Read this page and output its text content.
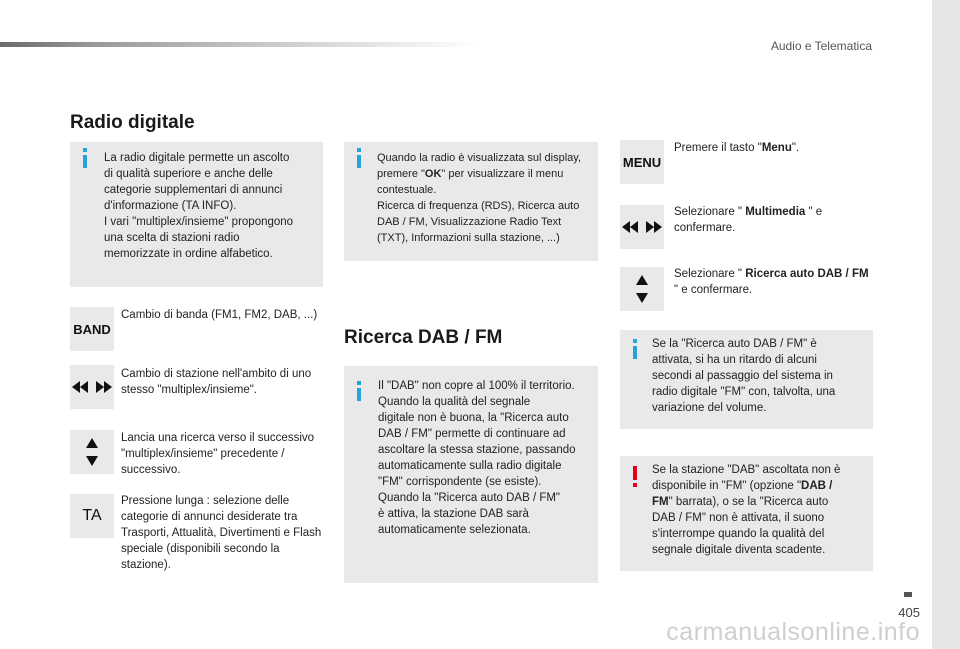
Audio e Telematica
Radio digitale
La radio digitale permette un ascolto
di qualità superiore e anche delle
categorie supplementari di annunci
d'informazione (TA INFO).
I vari "multiplex/insieme" propongono
una scelta di stazioni radio
memorizzate in ordine alfabetico.
BAND
Cambio di banda (FM1, FM2, DAB, ...)
Cambio di stazione nell'ambito di uno stesso "multiplex/insieme".
Lancia una ricerca verso il successivo "multiplex/insieme" precedente / successivo.
TA
Pressione lunga : selezione delle categorie di annunci desiderate tra Trasporti, Attualità, Divertimenti e Flash speciale (disponibili secondo la stazione).
Quando la radio è visualizzata sul display,
premere "OK" per visualizzare il menu
contestuale.
Ricerca di frequenza (RDS), Ricerca auto
DAB / FM, Visualizzazione Radio Text
(TXT), Informazioni sulla stazione, ...)
Ricerca DAB / FM
Il "DAB" non copre al 100% il territorio.
Quando la qualità del segnale
digitale non è buona, la "Ricerca auto
DAB / FM" permette di continuare ad
ascoltare la stessa stazione, passando
automaticamente sulla radio digitale
"FM" corrispondente (se esiste).
Quando la "Ricerca auto DAB / FM"
è attiva, la stazione DAB sarà
automaticamente selezionata.
MENU
Premere il tasto "Menu".
Selezionare " Multimedia " e confermare.
Selezionare " Ricerca auto DAB / FM " e confermare.
Se la "Ricerca auto DAB / FM" è
attivata, si ha un ritardo di alcuni
secondi al passaggio del sistema in
radio digitale "FM" con, talvolta, una
variazione del volume.
Se la stazione "DAB" ascoltata non è
disponibile in "FM" (opzione "DAB /
FM" barrata), o se la "Ricerca auto
DAB / FM" non è attivata, il suono
s'interrompe quando la qualità del
segnale digitale diventa scadente.
405
carmanualsonline.info
